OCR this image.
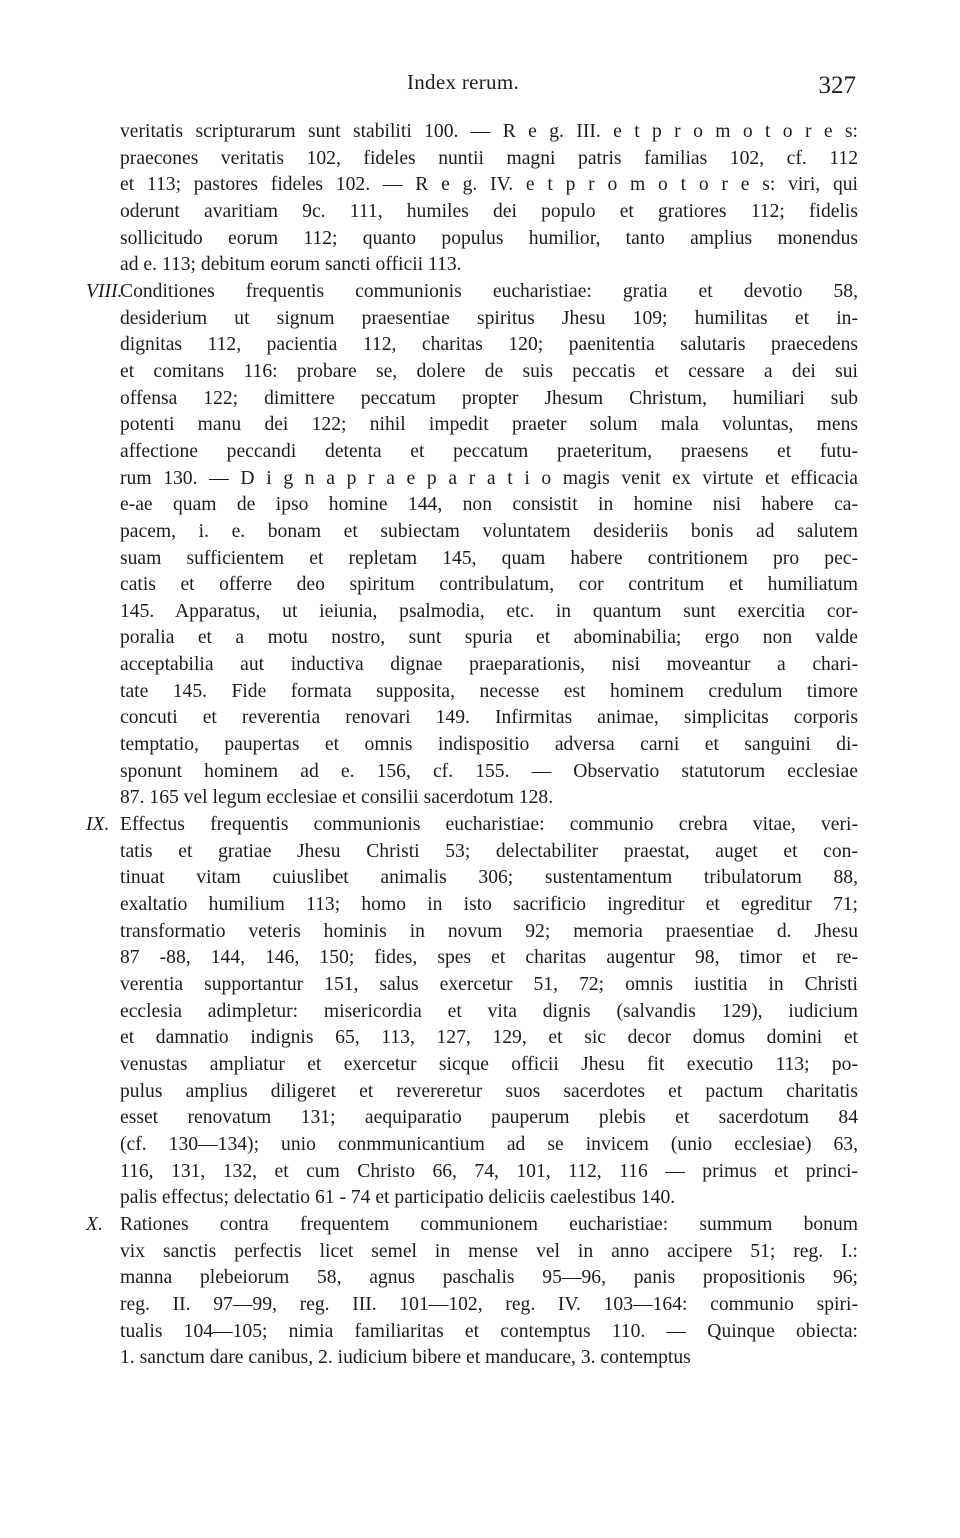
Index rerum.	327
veritatis scripturarum sunt stabiliti 100. — R e g. III. e t p r o m o t o r e s:
praecones veritatis 102, fideles nuntii magni patris familias 102, cf. 112
et 113; pastores fideles 102. — R e g. IV. e t p r o m o t o r e s: viri, qui
oderunt avaritiam 9c. 111, humiles dei populo et gratiores 112; fidelis
sollicitudo eorum 112; quanto populus humilior, tanto amplius monendus
ad e. 113; debitum eorum sancti officii 113.
VIII.
Conditiones frequentis communionis eucharistiae: gratia et devotio 58,
desiderium ut signum praesentiae spiritus Jhesu 109; humilitas et in-
dignitas 112, pacientia 112, charitas 120; paenitentia salutaris praecedens
et comitans 116: probare se, dolere de suis peccatis et cessare a dei sui
offensa 122; dimittere peccatum propter Jhesum Christum, humiliari sub
potenti manu dei 122; nihil impedit praeter solum mala voluntas, mens
affectione peccandi detenta et peccatum praeteritum, praesens et futu-
rum 130. — D i g n a p r a e p a r a t i o magis venit ex virtute et efficacia
e-ae quam de ipso homine 144, non consistit in homine nisi habere ca-
pacem, i. e. bonam et subiectam voluntatem desideriis bonis ad salutem
suam sufficientem et repletam 145, quam habere contritionem pro pec-
catis et offerre deo spiritum contribulatum, cor contritum et humiliatum
145. Apparatus, ut ieiunia, psalmodia, etc. in quantum sunt exercitia cor-
poralia et a motu nostro, sunt spuria et abominabilia; ergo non valde
acceptabilia aut inductiva dignae praeparationis, nisi moveantur a chari-
tate 145. Fide formata supposita, necesse est hominem credulum timore
concuti et reverentia renovari 149. Infirmitas animae, simplicitas corporis
temptatio, paupertas et omnis indispositio adversa carni et sanguini di-
sponunt hominem ad e. 156, cf. 155. — Observatio statutorum ecclesiae
87. 165 vel legum ecclesiae et consilii sacerdotum 128.
IX. Effectus frequentis communionis eucharistiae: communio crebra vitae, veri-
tatis et gratiae Jhesu Christi 53; delectabiliter praestat, auget et con-
tinuat vitam cuiuslibet animalis 306; sustentamentum tribulatorum 88,
exaltatio humilium 113; homo in isto sacrificio ingreditur et egreditur 71;
transformatio veteris hominis in novum 92; memoria praesentiae d. Jhesu
87 -88, 144, 146, 150; fides, spes et charitas augentur 98, timor et re-
verentia supportantur 151, salus exercetur 51, 72; omnis iustitia in Christi
ecclesia adimpletur: misericordia et vita dignis (salvandis 129), iudicium
et damnatio indignis 65, 113, 127, 129, et sic decor domus domini et
venustas ampliatur et exercetur sicque officii Jhesu fit executio 113; po-
pulus amplius diligeret et revereretur suos sacerdotes et pactum charitatis
esset renovatum 131; aequiparatio pauperum plebis et sacerdotum 84
(cf. 130—134); unio conmmunicantium ad se invicem (unio ecclesiae) 63,
116, 131, 132, et cum Christo 66, 74, 101, 112, 116 — primus et princi-
palis effectus; delectatio 61 - 74 et participatio deliciis caelestibus 140.
X. Rationes contra frequentem communionem eucharistiae: summum bonum
vix sanctis perfectis licet semel in mense vel in anno accipere 51; reg. I.:
manna plebeiorum 58, agnus paschalis 95—96, panis propositionis 96;
reg. II. 97—99, reg. III. 101—102, reg. IV. 103—164: communio spiri-
tualis 104—105; nimia familiaritas et contemptus 110. — Quinque obiecta:
1. sanctum dare canibus, 2. iudicium bibere et manducare, 3. contemptus
